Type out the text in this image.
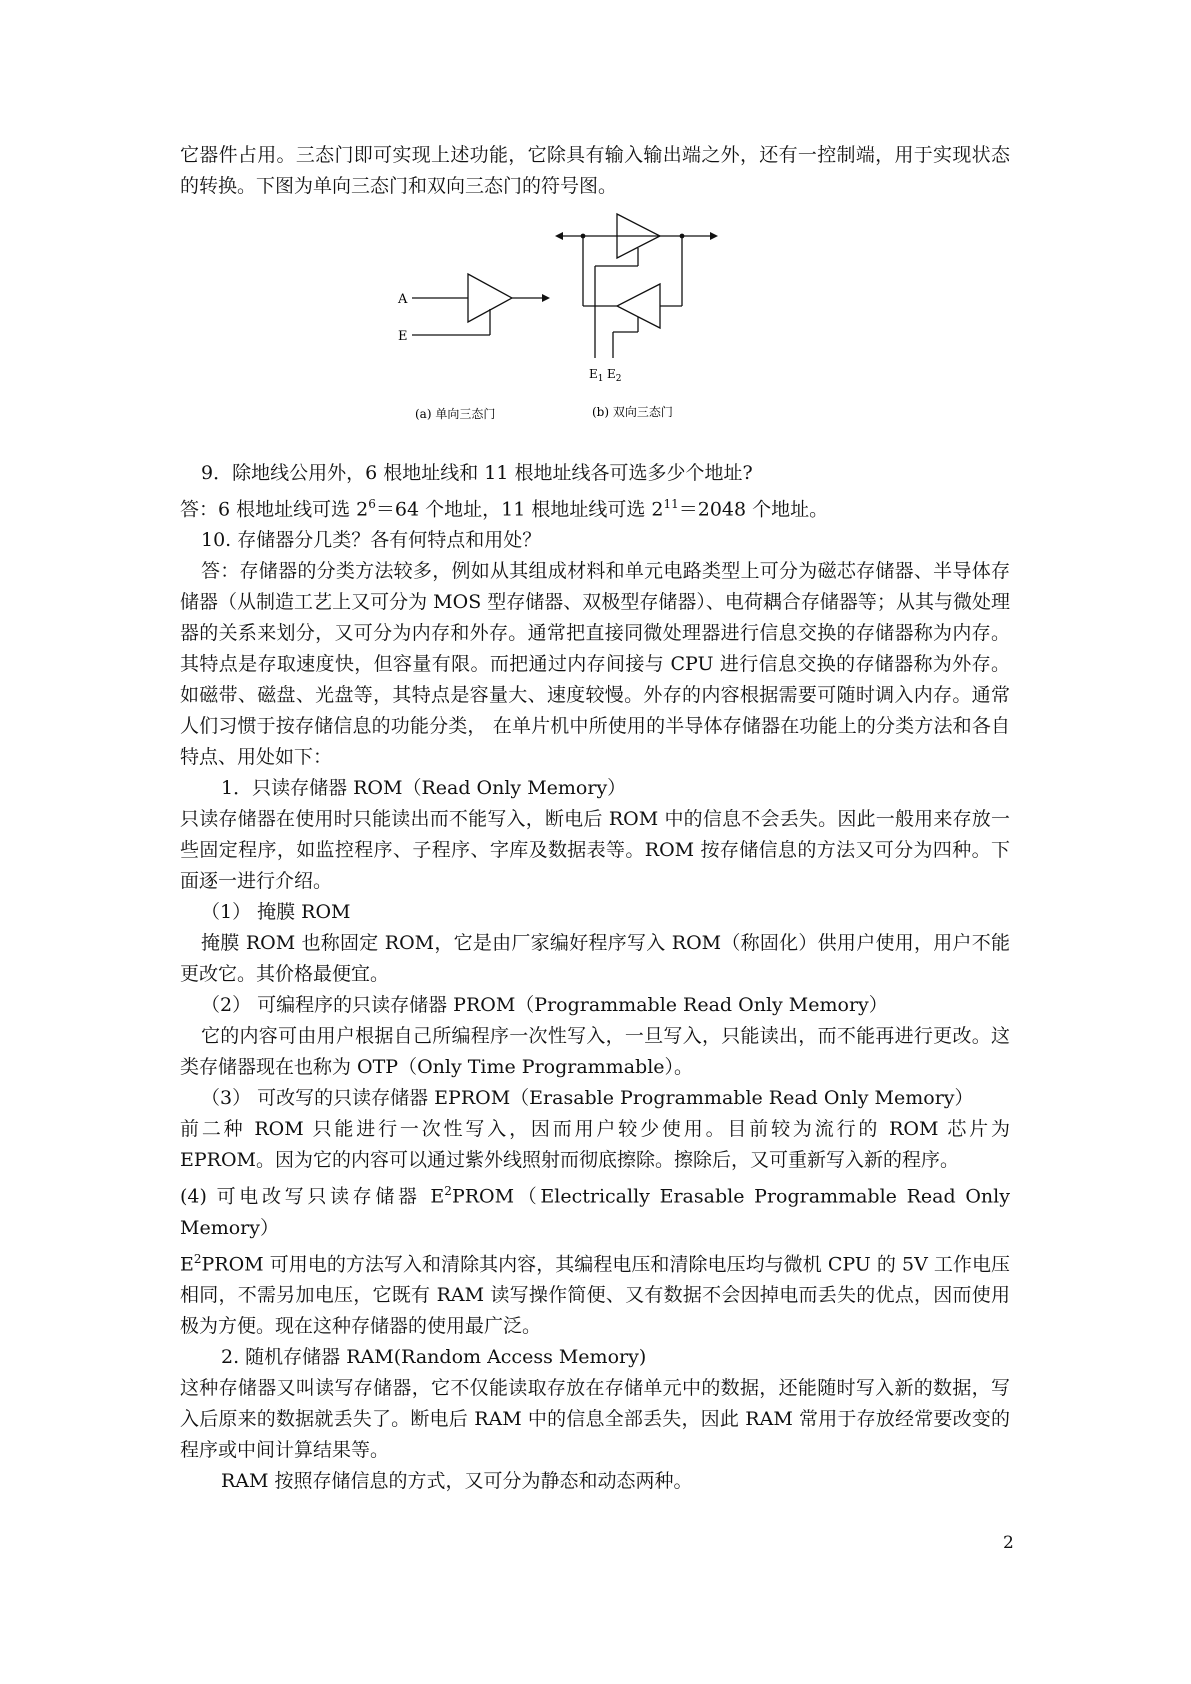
它器件占用。三态门即可实现上述功能，它除具有输入输出端之外，还有一控制端，用于实现状态的转换。下图为单向三态门和双向三态门的符号图。

A
E
$E_1$ $E_2$
(a) 单向三态门	(b) 双向三态门

9．除地线公用外，6 根地址线和 11 根地址线各可选多少个地址?

答：6 根地址线可选 $2^6=64$ 个地址，11 根地址线可选 $2^{11}=2048$ 个地址。

10. 存储器分几类？各有何特点和用处？

答：存储器的分类方法较多，例如从其组成材料和单元电路类型上可分为磁芯存储器、半导体存储器（从制造工艺上又可分为 MOS 型存储器、双极型存储器）、电荷耦合存储器等；从其与微处理器的关系来划分，又可分为内存和外存。通常把直接同微处理器进行信息交换的存储器称为内存。其特点是存取速度快，但容量有限。而把通过内存间接与 CPU 进行信息交换的存储器称为外存。如磁带、磁盘、光盘等，其特点是容量大、速度较慢。外存的内容根据需要可随时调入内存。通常人们习惯于按存储信息的功能分类， 在单片机中所使用的半导体存储器在功能上的分类方法和各自特点、用处如下：

1．只读存储器 ROM（Read Only Memory）

只读存储器在使用时只能读出而不能写入，断电后 ROM 中的信息不会丢失。因此一般用来存放一些固定程序，如监控程序、子程序、字库及数据表等。ROM 按存储信息的方法又可分为四种。下面逐一进行介绍。

（1） 掩膜 ROM

掩膜 ROM 也称固定 ROM，它是由厂家编好程序写入 ROM（称固化）供用户使用，用户不能更改它。其价格最便宜。

（2） 可编程序的只读存储器 PROM（Programmable Read Only Memory）

它的内容可由用户根据自己所编程序一次性写入，一旦写入，只能读出，而不能再进行更改。这类存储器现在也称为 OTP（Only Time Programmable）。

（3） 可改写的只读存储器 EPROM（Erasable Programmable Read Only Memory）

前二种 ROM 只能进行一次性写入，因而用户较少使用。目前较为流行的 ROM 芯片为 EPROM。因为它的内容可以通过紫外线照射而彻底擦除。擦除后，又可重新写入新的程序。

(4) 可电改写只读存储器 $E^2PROM(Electrically$ Erasable Programmable Read Only Memory）

$E^2PROM$ 可用电的方法写入和清除其内容，其编程电压和清除电压均与微机 CPU 的 5V 工作电压相同，不需另加电压，它既有 RAM 读写操作简便、又有数据不会因掉电而丢失的优点，因而使用极为方便。现在这种存储器的使用最广泛。

2. 随机存储器 RAM(Random Access Memory)

这种存储器又叫读写存储器，它不仅能读取存放在存储单元中的数据，还能随时写入新的数据，写入后原来的数据就丢失了。断电后 RAM 中的信息全部丢失，因此 RAM 常用于存放经常要改变的程序或中间计算结果等。

RAM 按照存储信息的方式，又可分为静态和动态两种。

2
